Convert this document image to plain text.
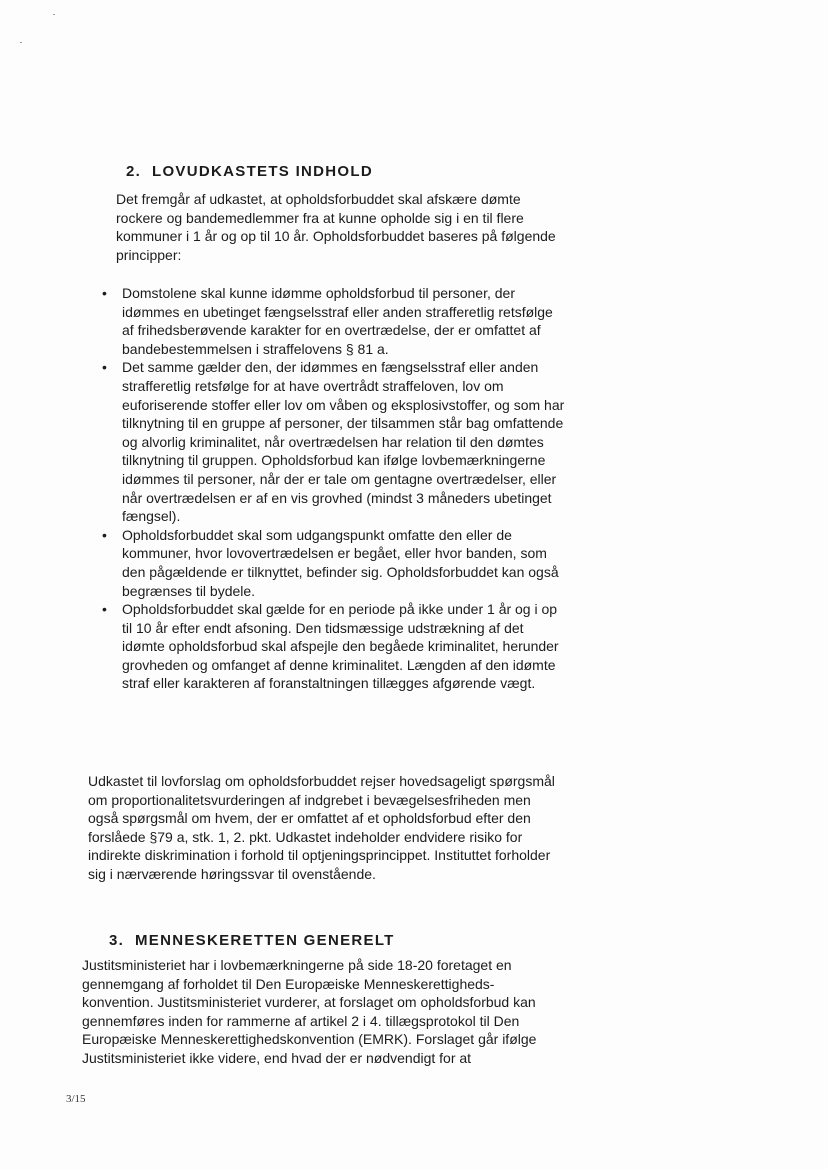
2. LOVUDKASTETS INDHOLD

Det fremgår af udkastet, at opholdsforbuddet skal afskære dømte rockere og bandemedlemmer fra at kunne opholde sig i en til flere kommuner i 1 år og op til 10 år. Opholdsforbuddet baseres på følgende principper:

• Domstolene skal kunne idømme opholdsforbud til personer, der idømmes en ubetinget fængselsstraf eller anden strafferetlig retsfølge af frihedsberøvende karakter for en overtrædelse, der er omfattet af bandebestemmelsen i straffelovens § 81 a.
• Det samme gælder den, der idømmes en fængselsstraf eller anden strafferetlig retsfølge for at have overtrådt straffeloven, lov om euforiserende stoffer eller lov om våben og eksplosivstoffer, og som har tilknytning til en gruppe af personer, der tilsammen står bag omfattende og alvorlig kriminalitet, når overtrædelsen har relation til den dømtes tilknytning til gruppen. Opholdsforbud kan ifølge lovbemærkningerne idømmes til personer, når der er tale om gentagne overtrædelser, eller når overtrædelsen er af en vis grovhed (mindst 3 måneders ubetinget fængsel).
• Opholdsforbuddet skal som udgangspunkt omfatte den eller de kommuner, hvor lovovertrædelsen er begået, eller hvor banden, som den pågældende er tilknyttet, befinder sig. Opholdsforbuddet kan også begrænses til bydele.
• Opholdsforbuddet skal gælde for en periode på ikke under 1 år og i op til 10 år efter endt afsoning. Den tidsmæssige udstrækning af det idømte opholdsforbud skal afspejle den begåede kriminalitet, herunder grovheden og omfanget af denne kriminalitet. Længden af den idømte straf eller karakteren af foranstaltningen tillægges afgørende vægt.

Udkastet til lovforslag om opholdsforbuddet rejser hovedsageligt spørgsmål om proportionalitetsvurderingen af indgrebet i bevægelsesfriheden men også spørgsmål om hvem, der er omfattet af et opholdsforbud efter den forslåede §79 a, stk. 1, 2. pkt. Udkastet indeholder endvidere risiko for indirekte diskrimination i forhold til optjeningsprincippet. Instituttet forholder sig i nærværende høringssvar til ovenstående.

3. MENNESKERETTEN GENERELT

Justitsministeriet har i lovbemærkningerne på side 18-20 foretaget en gennemgang af forholdet til Den Europæiske Menneskerettigheds-konvention. Justitsministeriet vurderer, at forslaget om opholdsforbud kan gennemføres inden for rammerne af artikel 2 i 4. tillægsprotokol til Den Europæiske Menneskerettighedskonvention (EMRK). Forslaget går ifølge Justitsministeriet ikke videre, end hvad der er nødvendigt for at

3/15
